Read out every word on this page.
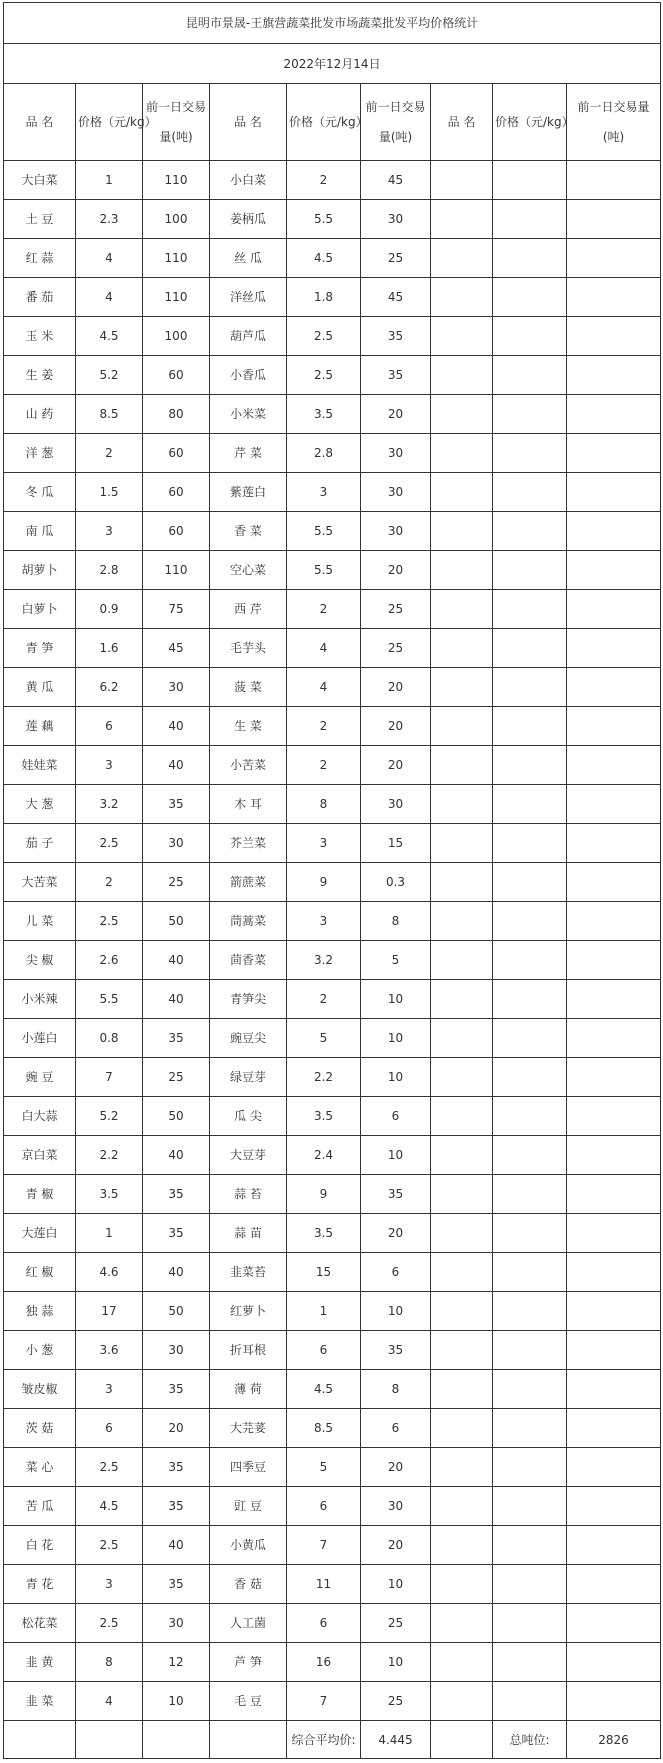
昆明市景晟-王旗营蔬菜批发市场蔬菜批发平均价格统计								
2022年12月14日								
品 名	价格（元/kg）	前一日交易量(吨)	品 名	价格（元/kg）	前一日交易量(吨)	品 名	价格（元/kg）	前一日交易量(吨)
大白菜	1	110	小白菜	2	45			
土 豆	2.3	100	姜柄瓜	5.5	30			
红 蒜	4	110	丝 瓜	4.5	25			
番 茄	4	110	洋丝瓜	1.8	45			
玉 米	4.5	100	葫芦瓜	2.5	35			
生 姜	5.2	60	小香瓜	2.5	35			
山 药	8.5	80	小米菜	3.5	20			
洋 葱	2	60	芹 菜	2.8	30			
冬 瓜	1.5	60	紫莲白	3	30			
南 瓜	3	60	香 菜	5.5	30			
胡萝卜	2.8	110	空心菜	5.5	20			
白萝卜	0.9	75	西 芹	2	25			
青 笋	1.6	45	毛芋头	4	25			
黄 瓜	6.2	30	菠 菜	4	20			
莲 藕	6	40	生 菜	2	20			
娃娃菜	3	40	小苦菜	2	20			
大 葱	3.2	35	木 耳	8	30			
茄 子	2.5	30	芥兰菜	3	15			
大苦菜	2	25	箭蔗菜	9	0.3			
儿 菜	2.5	50	茼蒿菜	3	8			
尖 椒	2.6	40	茴香菜	3.2	5			
小米辣	5.5	40	青笋尖	2	10			
小莲白	0.8	35	豌豆尖	5	10			
豌 豆	7	25	绿豆芽	2.2	10			
白大蒜	5.2	50	瓜 尖	3.5	6			
京白菜	2.2	40	大豆芽	2.4	10			
青 椒	3.5	35	蒜 苔	9	35			
大莲白	1	35	蒜 苗	3.5	20			
红 椒	4.6	40	韭菜苔	15	6			
独 蒜	17	50	红萝卜	1	10			
小 葱	3.6	30	折耳根	6	35			
皱皮椒	3	35	薄 荷	4.5	8			
茨 菇	6	20	大芫荽	8.5	6			
菜 心	2.5	35	四季豆	5	20			
苦 瓜	4.5	35	豇 豆	6	30			
白 花	2.5	40	小黄瓜	7	20			
青 花	3	35	香 菇	11	10			
松花菜	2.5	30	人工菌	6	25			
韭 黄	8	12	芦 笋	16	10			
韭 菜	4	10	毛 豆	7	25			
				综合平均价:	4.445		总吨位:	2826
